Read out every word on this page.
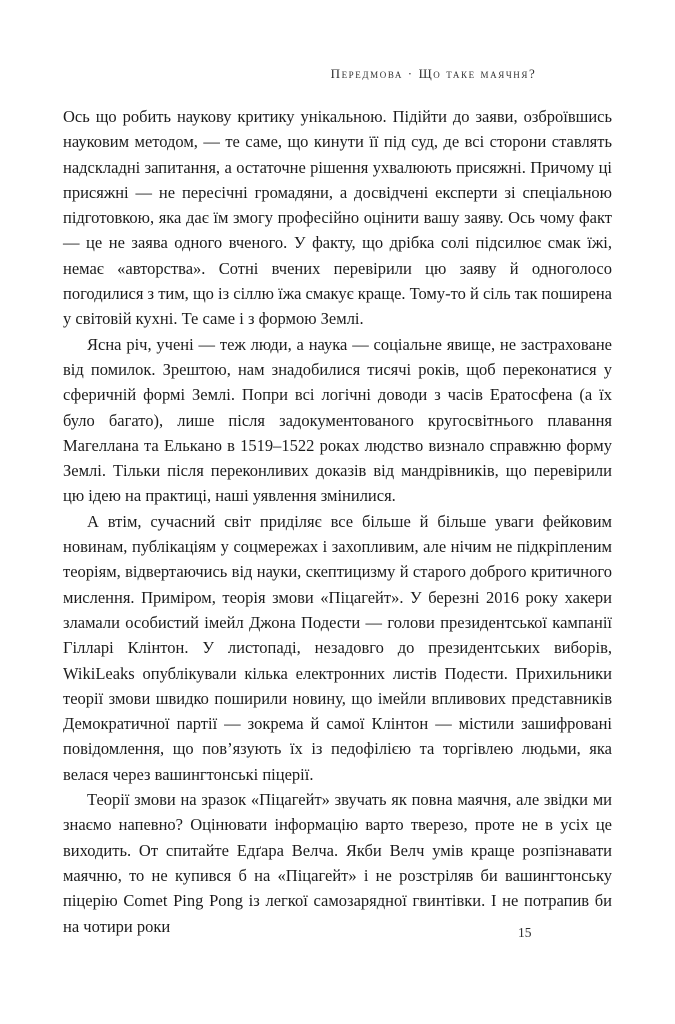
Передмова · Що таке маячня?

Ось що робить наукову критику унікальною. Підійти до заяви, озброївшись науковим методом, — те саме, що кинути її під суд, де всі сторони ставлять надскладні запитання, а остаточне рішення ухвалюють присяжні. Причому ці присяжні — не пересічні громадяни, а досвідчені експерти зі спеціальною підготовкою, яка дає їм змогу професійно оцінити вашу заяву. Ось чому факт — це не заява одного вченого. У факту, що дрібка солі підсилює смак їжі, немає «авторства». Сотні вчених перевірили цю заяву й одноголосо погодилися з тим, що із сіллю їжа смакує краще. Тому-то й сіль так поширена у світовій кухні. Те саме і з формою Землі.

Ясна річ, учені — теж люди, а наука — соціальне явище, не застраховане від помилок. Зрештою, нам знадобилися тисячі років, щоб переконатися у сферичній формі Землі. Попри всі логічні доводи з часів Ератосфена (а їх було багато), лише після задокументованого кругосвітнього плавання Магеллана та Елькано в 1519–1522 роках людство визнало справжню форму Землі. Тільки після переконливих доказів від мандрівників, що перевірили цю ідею на практиці, наші уявлення змінилися.

А втім, сучасний світ приділяє все більше й більше уваги фейковим новинам, публікаціям у соцмережах і захопливим, але нічим не підкріпленим теоріям, відвертаючись від науки, скептицизму й старого доброго критичного мислення. Приміром, теорія змови «Піцагейт». У березні 2016 року хакери зламали особистий імейл Джона Подести — голови президентської кампанії Гілларі Клінтон. У листопаді, незадовго до президентських виборів, WikiLeaks опублікували кілька електронних листів Подести. Прихильники теорії змови швидко поширили новину, що імейли впливових представників Демократичної партії — зокрема й самої Клінтон — містили зашифровані повідомлення, що пов’язують їх із педофілією та торгівлею людьми, яка велася через вашингтонські піцерії.

Теорії змови на зразок «Піцагейт» звучать як повна маячня, але звідки ми знаємо напевно? Оцінювати інформацію варто тверезо, проте не в усіх це виходить. От спитайте Едґара Велча. Якби Велч умів краще розпізнавати маячню, то не купився б на «Піцагейт» і не розстріляв би вашингтонську піцерію Comet Ping Pong із легкої самозарядної гвинтівки. І не потрапив би на чотири роки	15
